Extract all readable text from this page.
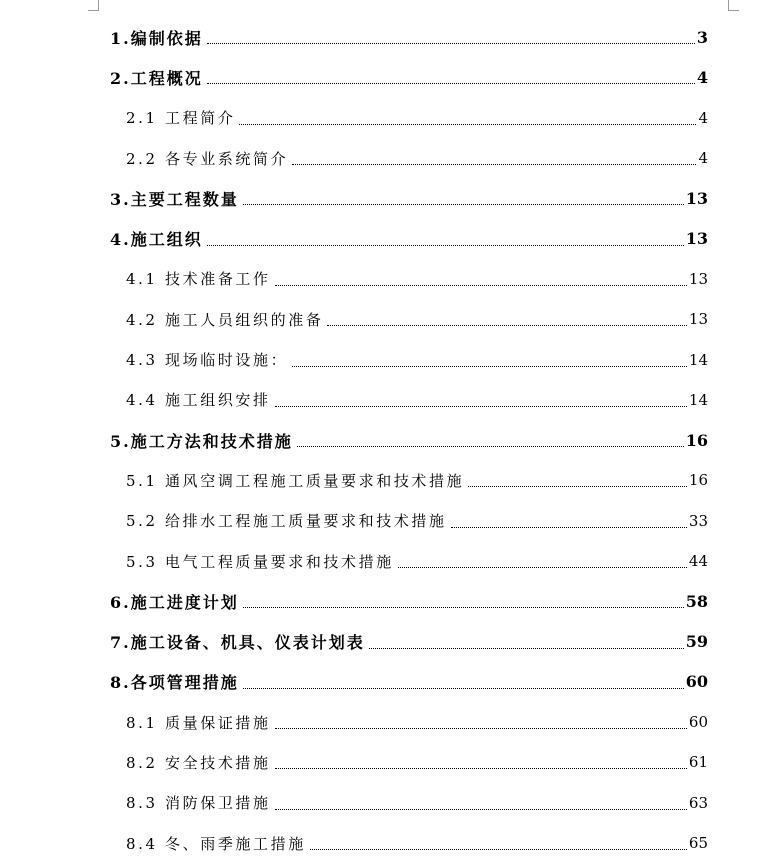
1.编制依据	3
2.工程概况	4
2.1 工程简介	4
2.2 各专业系统简介	4
3.主要工程数量	13
4.施工组织	13
4.1 技术准备工作	13
4.2 施工人员组织的准备	13
4.3 现场临时设施：	14
4.4 施工组织安排	14
5.施工方法和技术措施	16
5.1 通风空调工程施工质量要求和技术措施	16
5.2 给排水工程施工质量要求和技术措施	33
5.3 电气工程质量要求和技术措施	44
6.施工进度计划	58
7.施工设备、机具、仪表计划表	59
8.各项管理措施	60
8.1 质量保证措施	60
8.2 安全技术措施	61
8.3 消防保卫措施	63
8.4 冬、雨季施工措施	65
